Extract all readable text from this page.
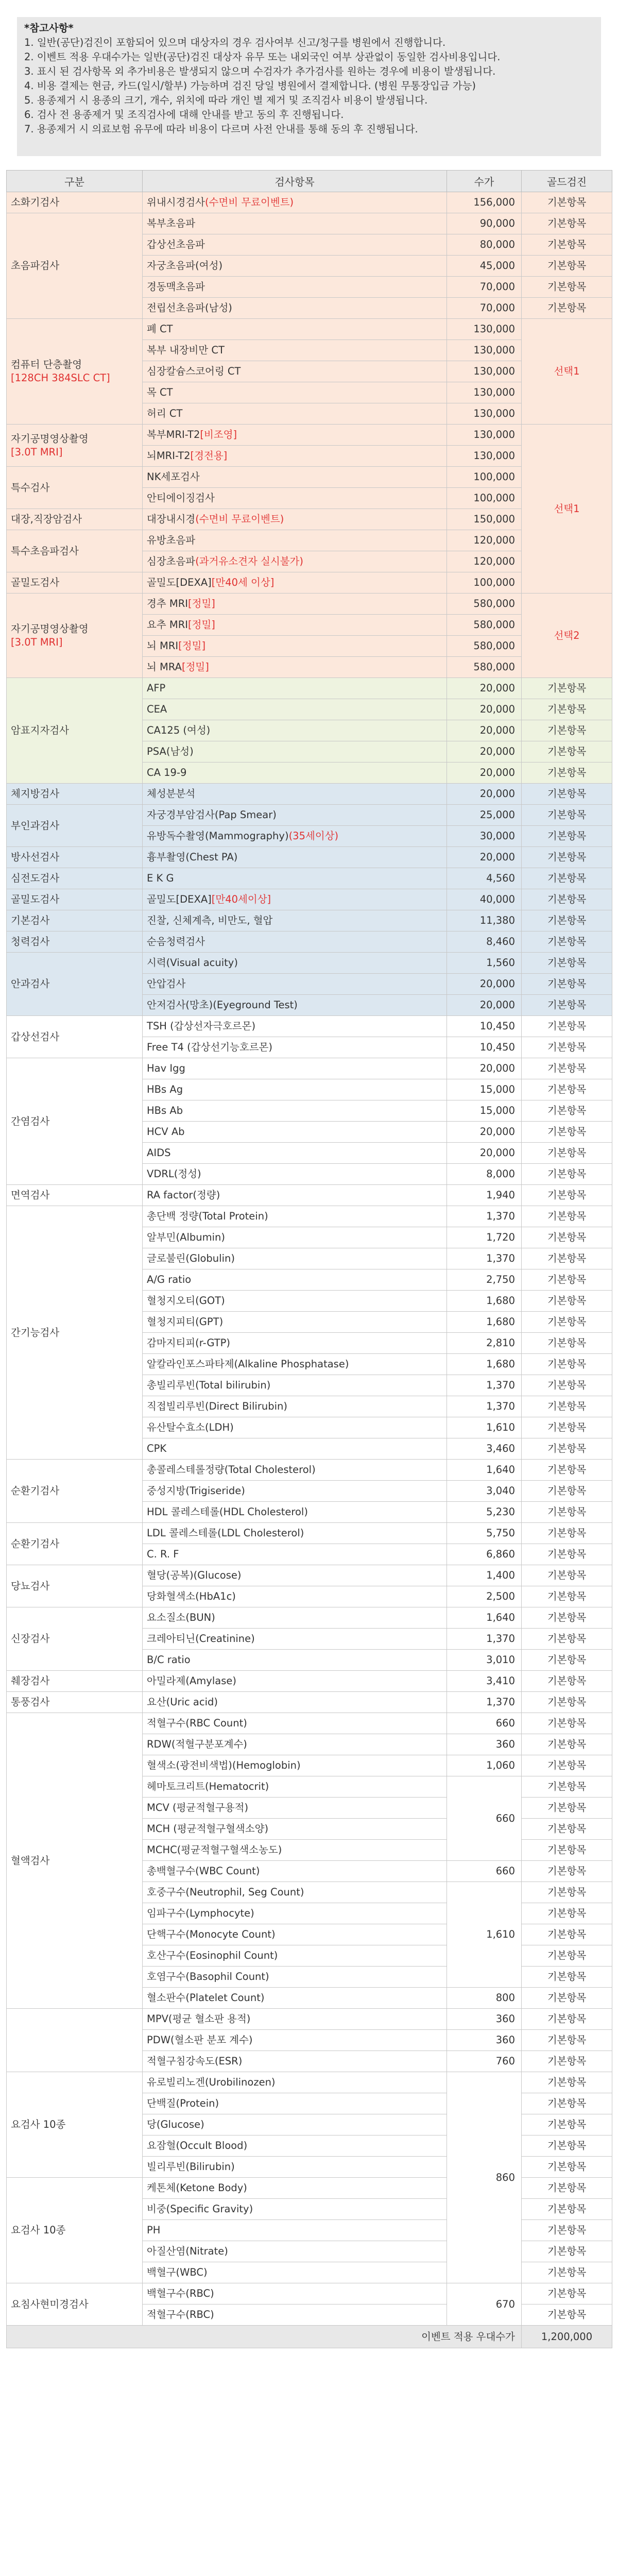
*참고사항*
1. 일반(공단)검진이 포함되어 있으며 대상자의 경우 검사여부 신고/청구를 병원에서 진행합니다.
2. 이벤트 적용 우대수가는 일반(공단)검진 대상자 유무 또는 내외국인 여부 상관없이 동일한 검사비용입니다.
3. 표시 된 검사항목 외 추가비용은 발생되지 않으며 수검자가 추가검사를 원하는 경우에 비용이 발생됩니다.
4. 비용 결제는 현금, 카드(일시/할부) 가능하며 검진 당일 병원에서 결제합니다. (병원 무통장입금 가능)
5. 용종제거 시 용종의 크기, 개수, 위치에 따라 개인 별 제거 및 조직검사 비용이 발생됩니다.
6. 검사 전 용종제거 및 조직검사에 대해 안내를 받고 동의 후 진행됩니다.
7. 용종제거 시 의료보험 유무에 따라 비용이 다르며 사전 안내를 통해 동의 후 진행됩니다.
구분	검사항목	수가	골드검진
소화기검사	위내시경검사(수면비 무료이벤트)	156,000	기본항목
초음파검사	복부초음파	90,000	기본항목
	갑상선초음파	80,000	기본항목
	자궁초음파(여성)	45,000	기본항목
	경동맥초음파	70,000	기본항목
	전립선초음파(남성)	70,000	기본항목
컴퓨터 단층촬영
[128CH 384SLC CT]	폐 CT	130,000	선택1
	복부 내장비만 CT	130,000	
	심장칼슘스코어링 CT	130,000	
	목 CT	130,000	
	허리 CT	130,000	
자기공명영상촬영
[3.0T MRI]	복부MRI-T2[비조영]	130,000	선택1
	뇌MRI-T2[경전용]	130,000	
특수검사	NK세포검사	100,000	
	안티에이징검사	100,000	
대장,직장암검사	대장내시경(수면비 무료이벤트)	150,000	
특수초음파검사	유방초음파	120,000	
	심장초음파(과거유소견자 실시불가)	120,000	
골밀도검사	골밀도[DEXA][만40세 이상]	100,000	
자기공명영상촬영
[3.0T MRI]	경추 MRI[정밀]	580,000	선택2
	요추 MRI[정밀]	580,000	
	뇌 MRI[정밀]	580,000	
	뇌 MRA[정밀]	580,000	
암표지자검사	AFP	20,000	기본항목
	CEA	20,000	기본항목
	CA125 (여성)	20,000	기본항목
	PSA(남성)	20,000	기본항목
	CA 19-9	20,000	기본항목
체지방검사	체성분분석	20,000	기본항목
부인과검사	자궁경부암검사(Pap Smear)	25,000	기본항목
	유방독수촬영(Mammography)(35세이상)	30,000	기본항목
방사선검사	흉부촬영(Chest PA)	20,000	기본항목
심전도검사	E K G	4,560	기본항목
골밀도검사	골밀도[DEXA][만40세이상]	40,000	기본항목
기본검사	진찰, 신체계측, 비만도, 혈압	11,380	기본항목
청력검사	순음청력검사	8,460	기본항목
안과검사	시력(Visual acuity)	1,560	기본항목
	안압검사	20,000	기본항목
	안저검사(망초)(Eyeground Test)	20,000	기본항목
갑상선검사	TSH (갑상선자극호르몬)	10,450	기본항목
	Free T4 (갑상선기능호르몬)	10,450	기본항목
간염검사	Hav Igg	20,000	기본항목
	HBs Ag	15,000	기본항목
	HBs Ab	15,000	기본항목
	HCV Ab	20,000	기본항목
	AIDS	20,000	기본항목
	VDRL(정성)	8,000	기본항목
면역검사	RA factor(정량)	1,940	기본항목
간기능검사	총단백 정량(Total Protein)	1,370	기본항목
	알부민(Albumin)	1,720	기본항목
	글로불린(Globulin)	1,370	기본항목
	A/G ratio	2,750	기본항목
	혈청지오티(GOT)	1,680	기본항목
	혈청지피티(GPT)	1,680	기본항목
	감마지티피(r-GTP)	2,810	기본항목
	알칼라인포스파타제(Alkaline Phosphatase)	1,680	기본항목
	총빌리루빈(Total bilirubin)	1,370	기본항목
	직접빌리루빈(Direct Bilirubin)	1,370	기본항목
	유산탈수효소(LDH)	1,610	기본항목
	CPK	3,460	기본항목
순환기검사	총콜레스테롤정량(Total Cholesterol)	1,640	기본항목
	중성지방(Trigiseride)	3,040	기본항목
	HDL 콜레스테롤(HDL Cholesterol)	5,230	기본항목
순환기검사	LDL 콜레스테롤(LDL Cholesterol)	5,750	기본항목
	C. R. F	6,860	기본항목
당뇨검사	혈당(공복)(Glucose)	1,400	기본항목
	당화혈색소(HbA1c)	2,500	기본항목
신장검사	요소질소(BUN)	1,640	기본항목
	크레아티닌(Creatinine)	1,370	기본항목
	B/C ratio	3,010	기본항목
췌장검사	아밀라제(Amylase)	3,410	기본항목
통풍검사	요산(Uric acid)	1,370	기본항목
혈액검사	적혈구수(RBC Count)	660	기본항목
	RDW(적혈구분포계수)	360	기본항목
	혈색소(광전비색법)(Hemoglobin)	1,060	기본항목
	헤마토크리트(Hematocrit)	660	기본항목
	MCV (평균적혈구용적)		기본항목
	MCH (평균적혈구혈색소양)		기본항목
	MCHC(평균적혈구혈색소농도)		기본항목
	총백혈구수(WBC Count)	660	기본항목
	호중구수(Neutrophil, Seg Count)	1,610	기본항목
	임파구수(Lymphocyte)		기본항목
	단핵구수(Monocyte Count)		기본항목
	호산구수(Eosinophil Count)		기본항목
	호염구수(Basophil Count)		기본항목
	혈소판수(Platelet Count)	800	기본항목
	MPV(평균 혈소판 용적)	360	기본항목
	PDW(혈소판 분포 계수)	360	기본항목
	적혈구침강속도(ESR)	760	기본항목
요검사 10종	유로빌리노겐(Urobilinozen)	860	기본항목
	단백질(Protein)		기본항목
	당(Glucose)		기본항목
	요잠혈(Occult Blood)		기본항목
	빌리루빈(Bilirubin)		기본항목
요검사 10종	케톤체(Ketone Body)		기본항목
	비중(Specific Gravity)		기본항목
	PH		기본항목
	아질산염(Nitrate)		기본항목
	백혈구(WBC)		기본항목
요침사현미경검사	백혈구수(RBC)	670	기본항목
	적혈구수(RBC)		기본항목
이벤트 적용 우대수가			1,200,000
